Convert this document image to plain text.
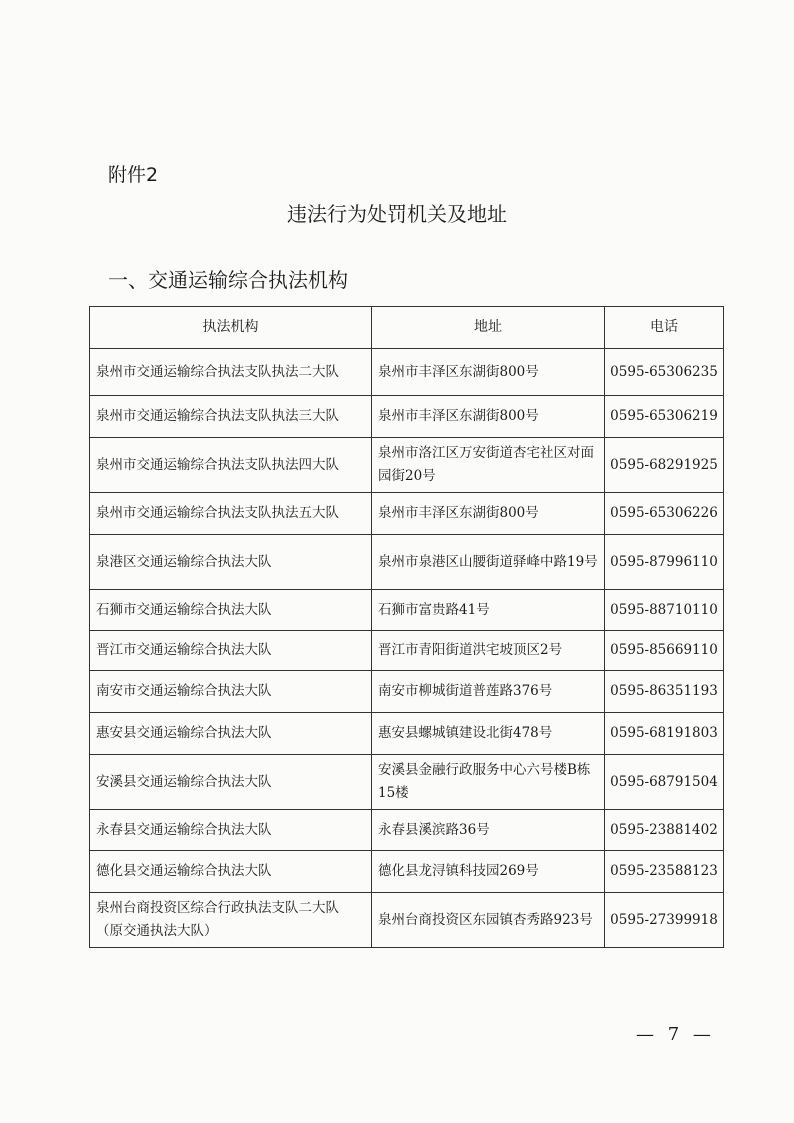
附件2
违法行为处罚机关及地址
一、交通运输综合执法机构
执法机构	地址	电话
泉州市交通运输综合执法支队执法二大队	泉州市丰泽区东湖街800号	0595-65306235
泉州市交通运输综合执法支队执法三大队	泉州市丰泽区东湖街800号	0595-65306219
泉州市交通运输综合执法支队执法四大队	泉州市洛江区万安街道杏宅社区对面园街20号	0595-68291925
泉州市交通运输综合执法支队执法五大队	泉州市丰泽区东湖街800号	0595-65306226
泉港区交通运输综合执法大队	泉州市泉港区山腰街道驿峰中路19号	0595-87996110
石狮市交通运输综合执法大队	石狮市富贵路41号	0595-88710110
晋江市交通运输综合执法大队	晋江市青阳街道洪宅坡顶区2号	0595-85669110
南安市交通运输综合执法大队	南安市柳城街道普莲路376号	0595-86351193
惠安县交通运输综合执法大队	惠安县螺城镇建设北街478号	0595-68191803
安溪县交通运输综合执法大队	安溪县金融行政服务中心六号楼B栋15楼	0595-68791504
永春县交通运输综合执法大队	永春县溪滨路36号	0595-23881402
德化县交通运输综合执法大队	德化县龙浔镇科技园269号	0595-23588123
泉州台商投资区综合行政执法支队二大队（原交通执法大队）	泉州台商投资区东园镇杏秀路923号	0595-27399918
— 7 —
